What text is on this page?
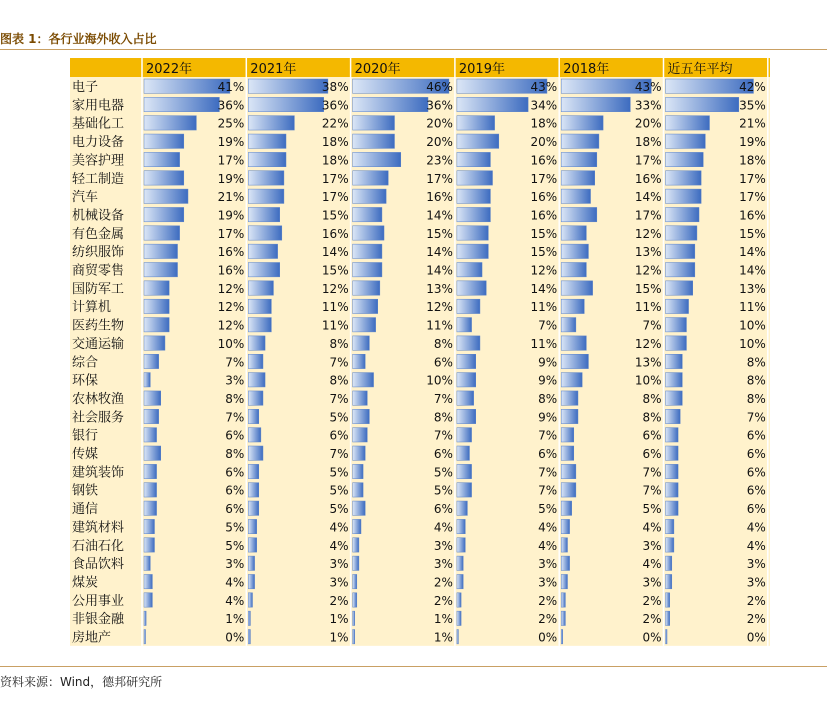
图表 1：各行业海外收入占比
2022年	2021年	2020年	2019年	2018年	近五年平均
电子	41%	38%	46%	43%	43%	42%
家用电器	36%	36%	36%	34%	33%	35%
基础化工	25%	22%	20%	18%	20%	21%
电力设备	19%	18%	20%	20%	18%	19%
美容护理	17%	18%	23%	16%	17%	18%
轻工制造	19%	17%	17%	17%	16%	17%
汽车	21%	17%	16%	16%	14%	17%
机械设备	19%	15%	14%	16%	17%	16%
有色金属	17%	16%	15%	15%	12%	15%
纺织服饰	16%	14%	14%	15%	13%	14%
商贸零售	16%	15%	14%	12%	12%	14%
国防军工	12%	12%	13%	14%	15%	13%
计算机	12%	11%	12%	11%	11%	11%
医药生物	12%	11%	11%	7%	7%	10%
交通运输	10%	8%	8%	11%	12%	10%
综合	7%	7%	6%	9%	13%	8%
环保	3%	8%	10%	9%	10%	8%
农林牧渔	8%	7%	7%	8%	8%	8%
社会服务	7%	5%	8%	9%	8%	7%
银行	6%	6%	7%	7%	6%	6%
传媒	8%	7%	6%	6%	6%	6%
建筑装饰	6%	5%	5%	7%	7%	6%
钢铁	6%	5%	5%	7%	7%	6%
通信	6%	5%	6%	5%	5%	6%
建筑材料	5%	4%	4%	4%	4%	4%
石油石化	5%	4%	3%	4%	3%	4%
食品饮料	3%	3%	3%	3%	4%	3%
煤炭	4%	3%	2%	3%	3%	3%
公用事业	4%	2%	2%	2%	2%	2%
非银金融	1%	1%	1%	2%	2%	2%
房地产	0%	1%	1%	0%	0%	0%
资料来源：Wind，德邦研究所
